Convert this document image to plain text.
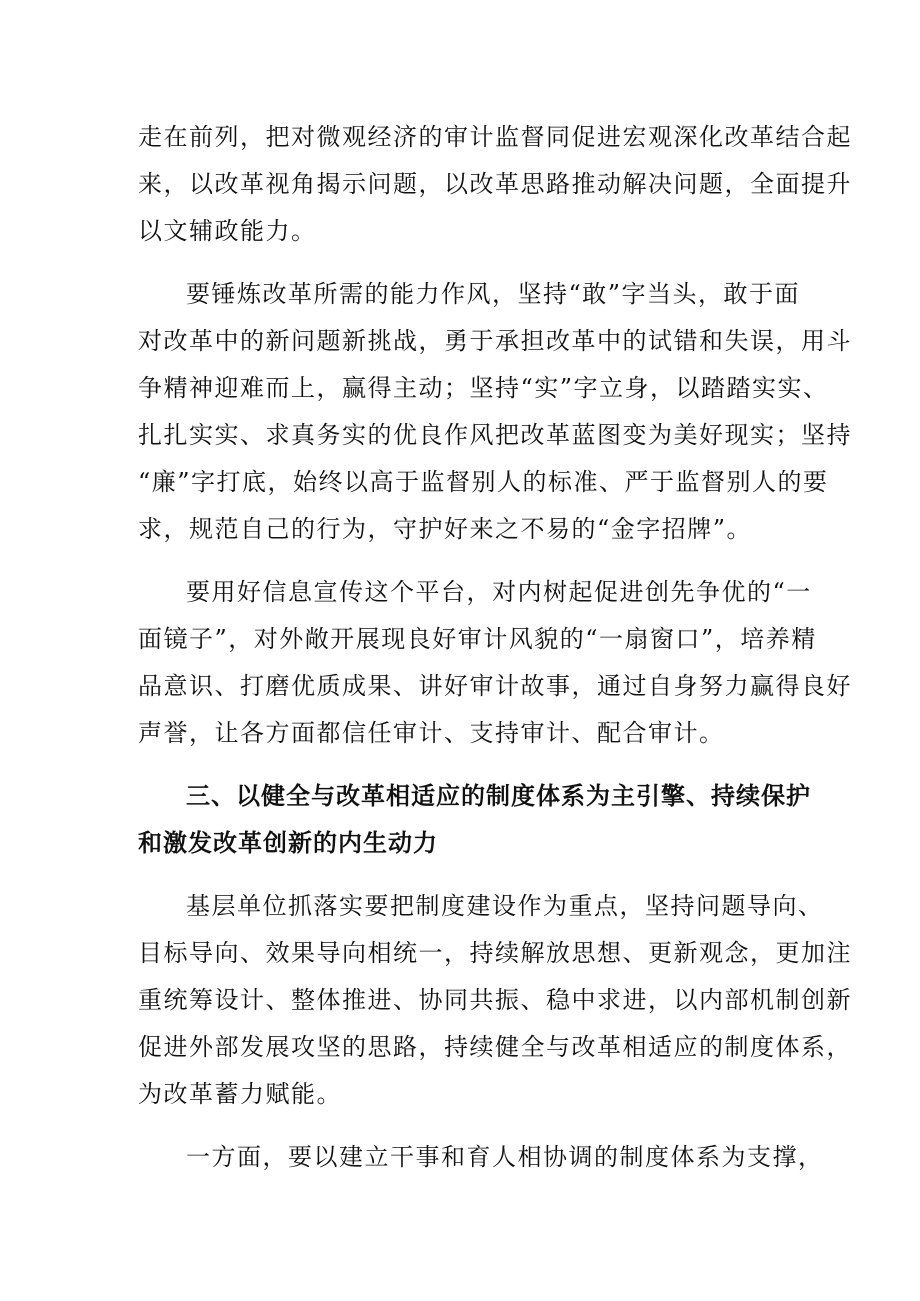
走在前列，把对微观经济的审计监督同促进宏观深化改革结合起
来，以改革视角揭示问题，以改革思路推动解决问题，全面提升
以文辅政能力。
要锤炼改革所需的能力作风，坚持“敢”字当头，敢于面
对改革中的新问题新挑战，勇于承担改革中的试错和失误，用斗
争精神迎难而上，赢得主动；坚持“实”字立身，以踏踏实实、
扎扎实实、求真务实的优良作风把改革蓝图变为美好现实；坚持
“廉”字打底，始终以高于监督别人的标准、严于监督别人的要
求，规范自己的行为，守护好来之不易的“金字招牌”。
要用好信息宣传这个平台，对内树起促进创先争优的“一
面镜子”，对外敞开展现良好审计风貌的“一扇窗口”，培养精
品意识、打磨优质成果、讲好审计故事，通过自身努力赢得良好
声誉，让各方面都信任审计、支持审计、配合审计。
三、以健全与改革相适应的制度体系为主引擎、持续保护
和激发改革创新的内生动力
基层单位抓落实要把制度建设作为重点，坚持问题导向、
目标导向、效果导向相统一，持续解放思想、更新观念，更加注
重统筹设计、整体推进、协同共振、稳中求进，以内部机制创新
促进外部发展攻坚的思路，持续健全与改革相适应的制度体系，
为改革蓄力赋能。
一方面，要以建立干事和育人相协调的制度体系为支撑，
